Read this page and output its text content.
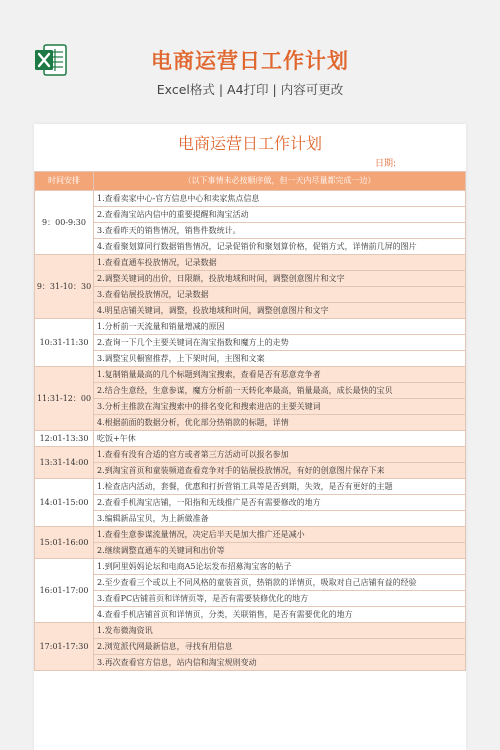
电商运营日工作计划
Excel格式 | A4打印 | 内容可更改
电商运营日工作计划
日期:
时间安排	（以下事情未必按顺序做，但一天内尽量都完成一边）
9：00-9:30	1.查看卖家中心-官方信息中心和卖家焦点信息
	2.查看淘宝站内信中的重要提醒和淘宝活动
	3.查看昨天的销售情况，销售件数统计。
	4.查看聚划算同行数据销售情况，记录促销价和聚划算价格，促销方式，详情前几屏的图片
9：31-10：30	1.查看直通车投放情况，记录数据
	2.调整关键词的出价，日限额，投放地域和时间，调整创意图片和文字
	3.查看钻展投放情况，记录数据
	4.明星店铺关键词，调整，投放地域和时间，调整创意图片和文字
10:31-11:30	1.分析前一天流量和销量增减的原因
	2.查询一下几个主要关键词在淘宝指数和魔方上的走势
	3.调整宝贝橱窗推荐，上下架时间，主图和文案
11:31-12：00	1.复制销量最高的几个标题到淘宝搜索，查看是否有恶意竞争者
	2.结合生意经，生意参谋，魔方分析前一天转化率最高，销量最高，成长最快的宝贝
	3.分析主推款在淘宝搜索中的排名变化和搜索进店的主要关键词
	4.根据前面的数据分析，优化部分热销款的标题，详情
12:01-13:30	吃饭+午休
13:31-14:00	1.查看有没有合适的官方或者第三方活动可以报名参加
	2.到淘宝首页和童装频道查看竞争对手的钻展投放情况，有好的创意图片保存下来
14:01-15:00	1.检查店内活动，套餐，优惠和打折营销工具等是否到期，失效，是否有更好的主题
	2.查看手机淘宝店铺，一阳指和无线推广是否有需要修改的地方
	3.编辑新品宝贝，为上新做准备
15:01-16:00	1.查看生意参谋流量情况，决定后半天是加大推广还是减小
	2.继续调整直通车的关键词和出价等
16:01-17:00	1.到阿里妈妈论坛和电商A5论坛发布招募淘宝客的帖子
	2.至少查看三个或以上不同风格的童装首页，热销款的详情页，吸取对自己店铺有益的经验
	3.查看PC店铺首页和详情页等，是否有需要装修优化的地方
	4.查看手机店铺首页和详情页，分类，关联销售，是否有需要优化的地方
17:01-17:30	1.发布微淘资讯
	2.浏览派代网最新信息，寻找有用信息
	3.再次查看官方信息，站内信和淘宝规则变动
